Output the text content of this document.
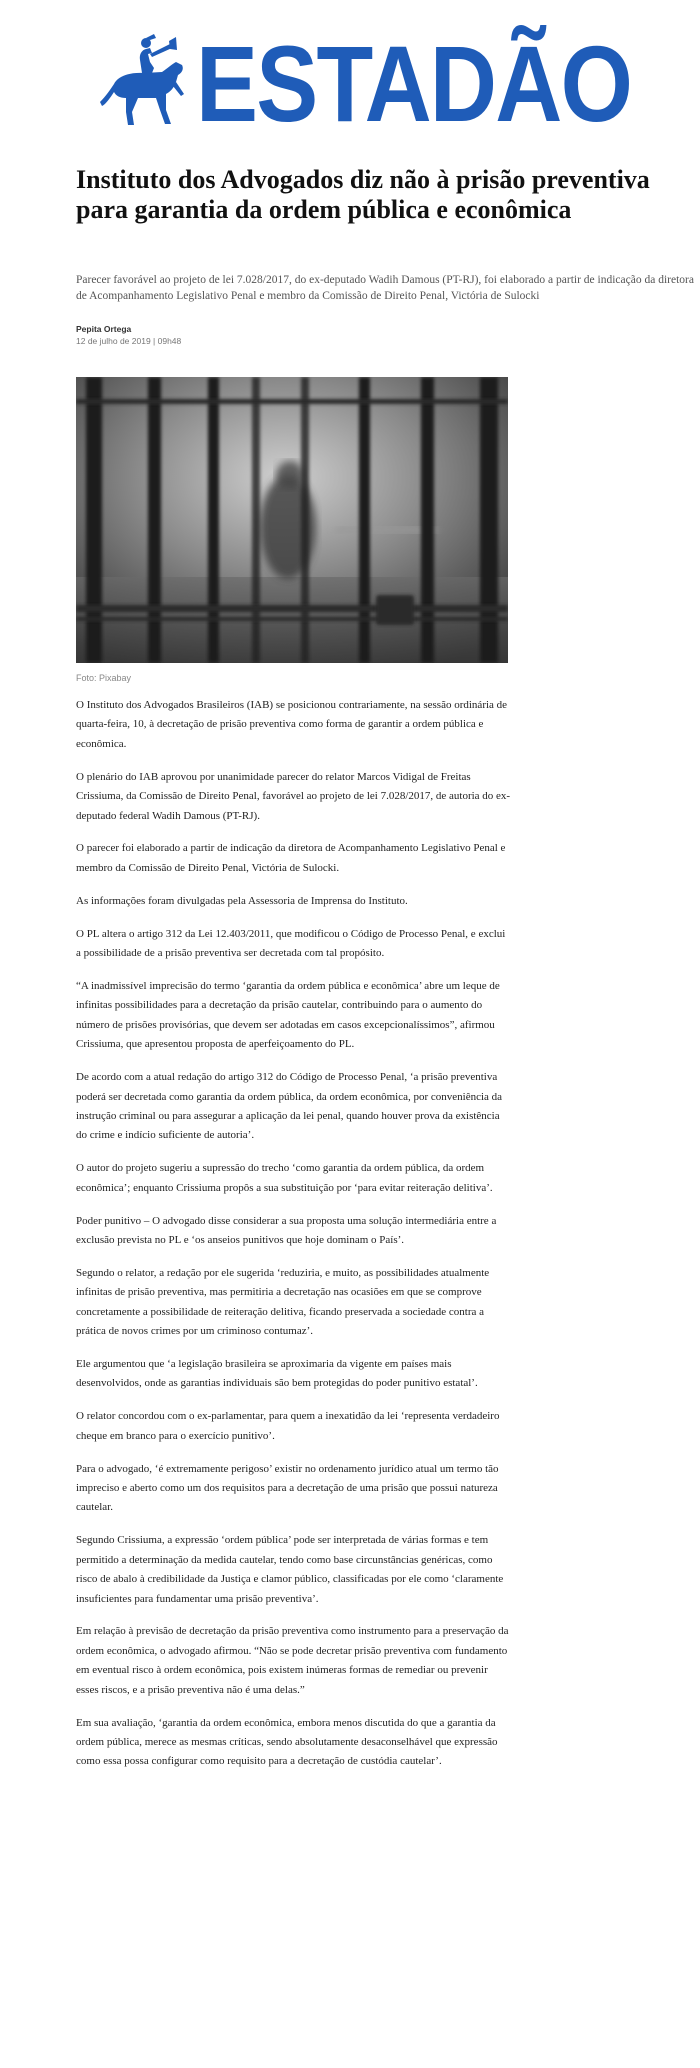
ESTADÃO
Instituto dos Advogados diz não à prisão preventiva para garantia da ordem pública e econômica

Parecer favorável ao projeto de lei 7.028/2017, do ex-deputado Wadih Damous (PT-RJ), foi elaborado a partir de indicação da diretora de Acompanhamento Legislativo Penal e membro da Comissão de Direito Penal, Victória de Sulocki

Pepita Ortega
12 de julho de 2019 | 09h48
Foto: Pixabay

O Instituto dos Advogados Brasileiros (IAB) se posicionou contrariamente, na sessão ordinária de quarta-feira, 10, à decretação de prisão preventiva como forma de garantir a ordem pública e econômica.

O plenário do IAB aprovou por unanimidade parecer do relator Marcos Vidigal de Freitas Crissiuma, da Comissão de Direito Penal, favorável ao projeto de lei 7.028/2017, de autoria do ex-deputado federal Wadih Damous (PT-RJ).

O parecer foi elaborado a partir de indicação da diretora de Acompanhamento Legislativo Penal e membro da Comissão de Direito Penal, Victória de Sulocki.

As informações foram divulgadas pela Assessoria de Imprensa do Instituto.

O PL altera o artigo 312 da Lei 12.403/2011, que modificou o Código de Processo Penal, e exclui a possibilidade de a prisão preventiva ser decretada com tal propósito.

“A inadmissível imprecisão do termo ‘garantia da ordem pública e econômica’ abre um leque de infinitas possibilidades para a decretação da prisão cautelar, contribuindo para o aumento do número de prisões provisórias, que devem ser adotadas em casos excepcionalíssimos”, afirmou Crissiuma, que apresentou proposta de aperfeiçoamento do PL.

De acordo com a atual redação do artigo 312 do Código de Processo Penal, ‘a prisão preventiva poderá ser decretada como garantia da ordem pública, da ordem econômica, por conveniência da instrução criminal ou para assegurar a aplicação da lei penal, quando houver prova da existência do crime e indício suficiente de autoria’.

O autor do projeto sugeriu a supressão do trecho ‘como garantia da ordem pública, da ordem econômica’; enquanto Crissiuma propôs a sua substituição por ‘para evitar reiteração delitiva’.

Poder punitivo – O advogado disse considerar a sua proposta uma solução intermediária entre a exclusão prevista no PL e ‘os anseios punitivos que hoje dominam o País’.

Segundo o relator, a redação por ele sugerida ‘reduziria, e muito, as possibilidades atualmente infinitas de prisão preventiva, mas permitiria a decretação nas ocasiões em que se comprove concretamente a possibilidade de reiteração delitiva, ficando preservada a sociedade contra a prática de novos crimes por um criminoso contumaz’.

Ele argumentou que ‘a legislação brasileira se aproximaria da vigente em países mais desenvolvidos, onde as garantias individuais são bem protegidas do poder punitivo estatal’.

O relator concordou com o ex-parlamentar, para quem a inexatidão da lei ‘representa verdadeiro cheque em branco para o exercício punitivo’.

Para o advogado, ‘é extremamente perigoso’ existir no ordenamento jurídico atual um termo tão impreciso e aberto como um dos requisitos para a decretação de uma prisão que possui natureza cautelar.

Segundo Crissiuma, a expressão ‘ordem pública’ pode ser interpretada de várias formas e tem permitido a determinação da medida cautelar, tendo como base circunstâncias genéricas, como risco de abalo à credibilidade da Justiça e clamor público, classificadas por ele como ‘claramente insuficientes para fundamentar uma prisão preventiva’.

Em relação à previsão de decretação da prisão preventiva como instrumento para a preservação da ordem econômica, o advogado afirmou. “Não se pode decretar prisão preventiva com fundamento em eventual risco à ordem econômica, pois existem inúmeras formas de remediar ou prevenir esses riscos, e a prisão preventiva não é uma delas.”

Em sua avaliação, ‘garantia da ordem econômica, embora menos discutida do que a garantia da ordem pública, merece as mesmas críticas, sendo absolutamente desaconselhável que expressão como essa possa configurar como requisito para a decretação de custódia cautelar’.
